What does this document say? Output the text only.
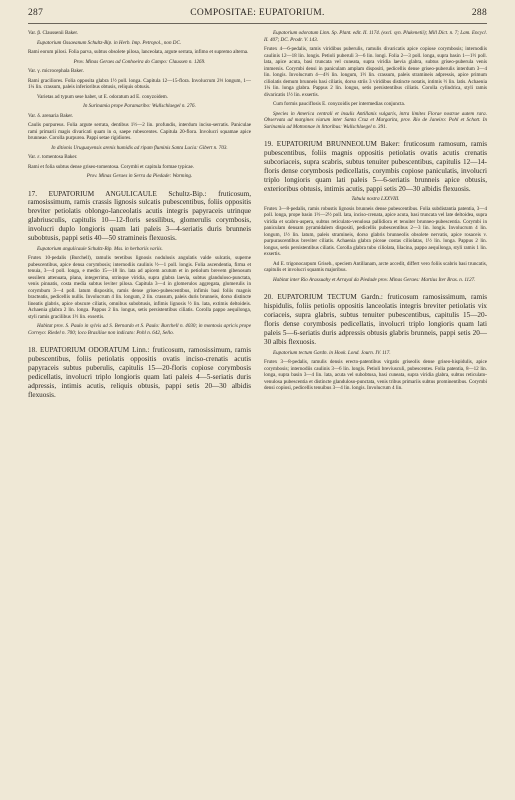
287	COMPOSITAE: EUPATORIUM.	288

Var. β. Claussenii Baker.

Eupatorium Ossaeanum Schultz-Bip. in Herb. Imp. Petropol., non DC.

Rami eorum pilosi. Folia parva, subtus obsolete pilosa, lanceolata, argute serrata, infimo et supremo alterna.

Prov. Minas Geraes ad Conhoeira do Campo: Claussen n. 1269.

Var. γ. microcephala Baker.

Rami graciliores. Folia opposita glabra 1½ poll. longa. Capitula 12—15-flora. Involucrum 2⅓ longum, 1—1¼ lin. crassum, paleis inferioribus obtusis, reliquis obtusis.

Varietas ad typum sese habet, ut E. odoratum ad E. conyzoidem.

In Surinamia prope Paramaribo: Wullschlaegel n. 276.

Var. δ. arenaria Baker.

Caulis purpureus. Folia argute serrata, dentibus 1½—2 lin. profundis, interdum inciso-serratis. Paniculae rami primarii magis divaricati quam in α, saepe rubescentes. Capitula 20-flora. Involucri squamae apice brunneae. Corolla purpurea. Pappi setae rigidiores.

In ditionis Uruguayensis arenis humidis ad ripam fluminis Santa Lucia: Gibert n. 703.

Var. ε. tomentosa Baker.

Rami et folia subtus dense griseo-tomentosa. Corymbi et capitula formae typicae.

Prov. Minas Geraes in Serra da Piedade: Warming.

17. EUPATORIUM ANGULICAULE Schultz-Bip.: fruticosum, ramosissimum, ramis crassis lignosis sulcatis pubescentibus, foliis oppositis breviter petiolatis oblongo-lanceolatis acutis integris papyraceis utrinque glabriusculis, capitulis 10—12-floris sessilibus, glomerulis corymbosis, involucri duplo longioris quam lati paleis 3—4-seriatis duris brunneis subobtusis, pappi setis 40—50 stramineis flexuosis.

Eupatorium angulicaule Schultz-Bip. Mss. in herbariis variis.

Frutex 10-pedalis (Burchell), ramulis teretibus lignosis nodulosis angulatis valde sulcatis, superne pubescentibus, apice densa corymbosis; internodiis caulinis ½—1 poll. longis. Folia ascendentia, firma et tenuia, 3—4 poll. longa, e medio 15—18 lin. lata ad apicem acutum et in petiolum brevem gibenosum sessilem attenuata, plana, integerrima, utrinque viridia, supra glabra laevia, subtus glanduloso-punctata, venis pinnatis, costa media subtus leviter pilosa. Capitula 3—4 in glomerulos aggregata, glomerulis in corymbum 3—4 poll. latum dispositis, ramis dense griseo-pubescentibus, infimis basi foliis magnis bracteatis, pedicellis nullis. Involucrum 4 lin. longum, 2 lin. crassum, paleis duris brunneis, dorso distincte lineatis glabris, apice obscure ciliatis, omnibus subobtusis, infimis lignosis ½ lin. lata, extimis deltoideis. Achaenia glabra 2 lin. longa. Pappus 2 lin. longus, setis persistentibus ciliatis. Corolla pappo aequilonga, styli ramis gracilibus 1½ lin. exsertis.

Habitat prov. S. Paulo in sylvis ad S. Bernardo et S. Paulo: Burchell n. 4030; in montosis apricis prope Correyo: Riedel n. 700; loco Brasiliae non indicato: Pohl n. 642, Sello.

18. EUPATORIUM ODORATUM Linn.: fruticosum, ramosissimum, ramis pubescentibus, foliis petiolatis oppositis ovatis inciso-crenatis acutis papyraceis subtus puberulis, capitulis 15—20-floris copiose corymbosis pedicellatis, involucri triplo longioris quam lati paleis 4—5-seriatis duris adpressis, intimis acutis, reliquis obtusis, pappi setis 20—30 albidis flexuosis.

Eupatorium odoratum Linn. Sp. Plant. edit. II. 1174. (excl. syn. Plukenetii); Mill Dict. n. 7; Lam. Encycl. II. 407; DC. Prodr. V. 143.

Frutex 4—6-pedalis, ramis viridibus puberulis, ramulis divaricatis apice copiose corymbosis; internodiis caulinis 12—18 lin. longis. Petioli puberuli 3—6 lin. longi. Folia 2—3 poll. longa, supra basin 1—1½ poll. lata, apice acuta, basi truncata vel cuneata, supra viridia laevia glabra, subtus griseo-puberula venis immersis. Corymbi densi in paniculam amplam dispositi, pedicellis dense griseo-puberulis interdum 3—4 lin. longis. Involucrum 4—4½ lin. longum, 1½ lin. crassum, paleis stramineis adpressis, apice primum ciliolatis demum brunneis basi ciliatis, dorso striis 3 viridibus distincte notatis, intimis ½ lin. latis. Achaenia 1¼ lin. longa glabra. Pappus 2 lin. longus, setis persistentibus ciliatis. Corolla cylindrica, styli ramis divaricatis 1½ lin. exsertis.

Cum formis pauciflosis E. conyzoidis per intermedias conjuncta.

Species in America centrali et insulis Antillanis vulgaris, intra limites Florae nostrae autem rara. Observata ad margines viarum inter Santa Cruz et Margarita, prov. Rio de Janeiro: Pohl et Schott. In Surinamia ad Mottonnae in littoribus: Wullschlaegel n. 391.

19. EUPATORIUM BRUNNEOLUM Baker: fruticosum ramosum, ramis pubescentibus, foliis magnis oppositis petiolatis ovatis acutis crenatis subcoriaceis, supra scabris, subtus tenuiter pubescentibus, capitulis 12—14-floris dense corymbosis pedicellatis, corymbis copiose paniculatis, involucri triplo longioris quam lati paleis 5—6-seriatis brunneis apice obtusis, exterioribus obtusis, intimis acutis, pappi setis 20—30 albidis flexuosis.

Tabula nostra LXXVIII.

Frutex 3—8-pedalis, ramis robustis lignosis brunneis dense pubescentibus. Folia subdistantia patentia, 3—4 poll. longa, prope basin 1½—2½ poll. lata, inciso-crenata, apice acuta, basi truncata vel late deltoidea, supra viridia et scabro-aspera, subtus reticulato-venulosa pallidiora et tenuiter brunneo-pubescentia. Corymbi in paniculam densam pyramidalem dispositi, pedicellis pubescentibus 2—3 lin. longis. Involucrum 4 lin. longum, 1½ lin. latum, paleis stramineis, dorso glabris brunneolis obsolete nervatis, apice rosaceis v. purpurascentibus breviter ciliatis. Achaenia glabra piceae costas ciliolatas, 1½ lin. longa. Pappus 2 lin. longus, setis persistentibus ciliatis. Corolla glabra tubo ciliolata, lilacina, pappo aequilonga, styli ramis 1 lin. exsertis.

Ad E. trigonocarpum Griseb., speciem Antillanam, arcte accedit, differt vero foliis scabris basi truncatis, capitulis et involucri squamis majoribus.

Habitat inter Rio Arassuahy et Arrayal da Piedade prov. Minas Geraes: Martius Iter Bras. n. 1127.

20. EUPATORIUM TECTUM Gardn.: fruticosum ramosissimum, ramis hispidulis, foliis petiolis oppositis lanceolatis integris breviter petiolatis vix coriaceis, supra glabris, subtus tenuiter pubescentibus, capitulis 15—20-floris dense corymbosis pedicellatis, involucri triplo longioris quam lati paleis 5—6-seriatis duris adpressis obtusis glabris brunneis, pappi setis 20—30 albis flexuosis.

Eupatorium tectum Gardn. in Hook. Lond. Journ. IV. 117.

Frutex 3—8-pedalis, ramulis densis erecto-patentibus virgatis griseolis dense griseo-hispidulis, apice corymbosis; internodiis caulinis 3—6 lin. longis. Petioli breviusculi, pubescentes. Folia patentia, 8—12 lin. longa, supra basin 3—4 lin. lata, acuta vel subobtusa, basi cuneata, supra viridia glabra, subtus reticulato-venulosa pubescentia et distincte glanduloso-punctata, venis tribus primariis subtus prominentibus. Corymbi densi copiosi, pedicellis tenuibus 3—4 lin. longis. Involucrum 4 lin.
